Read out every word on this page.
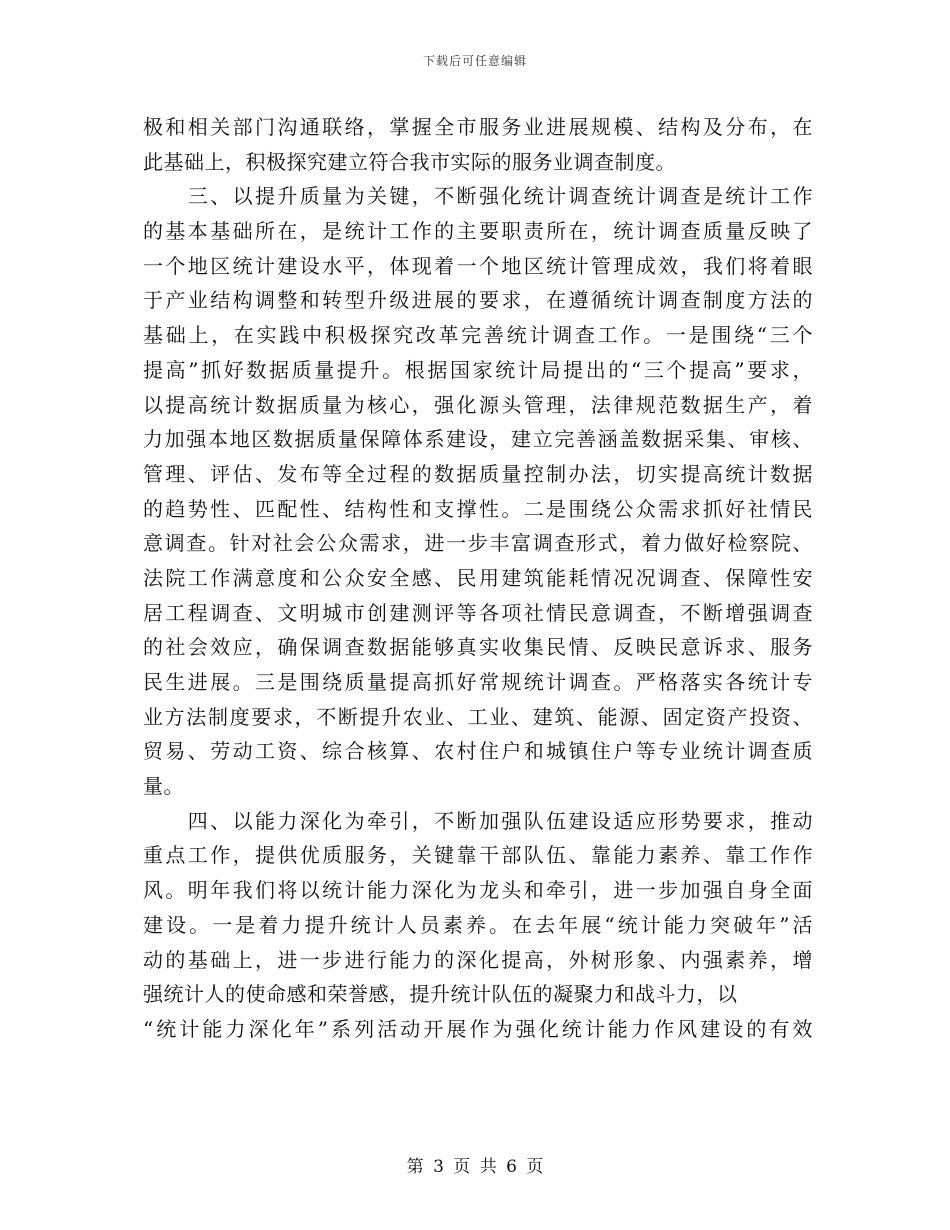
下载后可任意编辑
极和相关部门沟通联络，掌握全市服务业进展规模、结构及分布，在
此基础上，积极探究建立符合我市实际的服务业调查制度。
　　三、以提升质量为关键，不断强化统计调查统计调查是统计工作
的基本基础所在，是统计工作的主要职责所在，统计调查质量反映了
一个地区统计建设水平，体现着一个地区统计管理成效，我们将着眼
于产业结构调整和转型升级进展的要求，在遵循统计调查制度方法的
基础上，在实践中积极探究改革完善统计调查工作。一是围绕“三个
提高”抓好数据质量提升。根据国家统计局提出的“三个提高”要求，
以提高统计数据质量为核心，强化源头管理，法律规范数据生产，着
力加强本地区数据质量保障体系建设，建立完善涵盖数据采集、审核、
管理、评估、发布等全过程的数据质量控制办法，切实提高统计数据
的趋势性、匹配性、结构性和支撑性。二是围绕公众需求抓好社情民
意调查。针对社会公众需求，进一步丰富调查形式，着力做好检察院、
法院工作满意度和公众安全感、民用建筑能耗情况况调查、保障性安
居工程调查、文明城市创建测评等各项社情民意调查，不断增强调查
的社会效应，确保调查数据能够真实收集民情、反映民意诉求、服务
民生进展。三是围绕质量提高抓好常规统计调查。严格落实各统计专
业方法制度要求，不断提升农业、工业、建筑、能源、固定资产投资、
贸易、劳动工资、综合核算、农村住户和城镇住户等专业统计调查质
量。
　　四、以能力深化为牵引，不断加强队伍建设适应形势要求，推动
重点工作，提供优质服务，关键靠干部队伍、靠能力素养、靠工作作
风。明年我们将以统计能力深化为龙头和牵引，进一步加强自身全面
建设。一是着力提升统计人员素养。在去年展“统计能力突破年”活
动的基础上，进一步进行能力的深化提高，外树形象、内强素养，增
强统计人的使命感和荣誉感，提升统计队伍的凝聚力和战斗力，以
“统计能力深化年”系列活动开展作为强化统计能力作风建设的有效
第 3 页 共 6 页
